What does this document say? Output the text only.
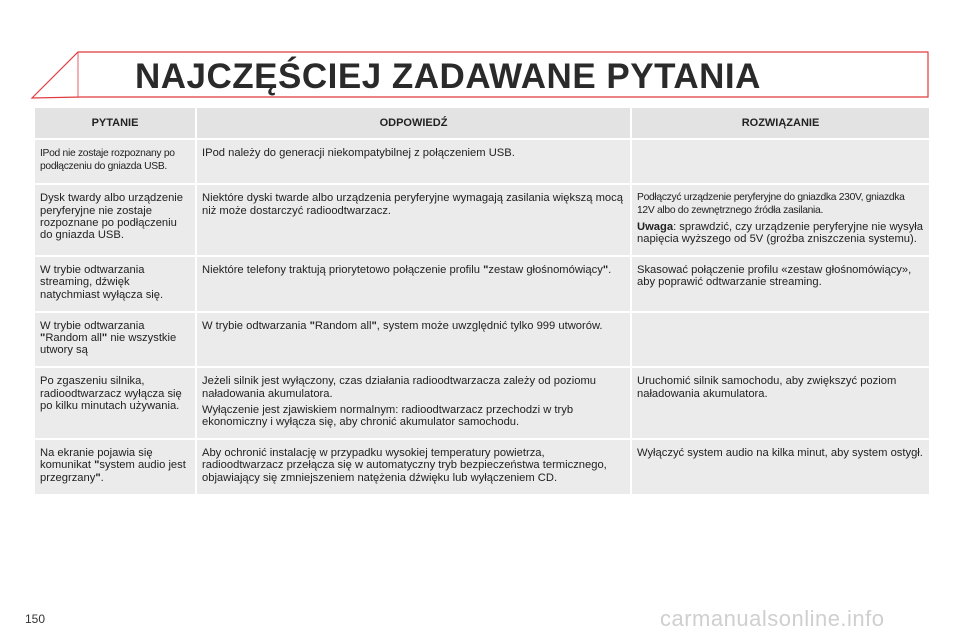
NAJCZĘŚCIEJ ZADAWANE PYTANIA
PYTANIE	ODPOWIEDŹ	ROZWIĄZANIE
IPod nie zostaje rozpoznany po podłączeniu do gniazda USB.	IPod należy do generacji niekompatybilnej z połączeniem USB.	
Dysk twardy albo urządzenie peryferyjne nie zostaje rozpoznane po podłączeniu do gniazda USB.	Niektóre dyski twarde albo urządzenia peryferyjne wymagają zasilania większą mocą niż może dostarczyć radioodtwarzacz.	Podłączyć urządzenie peryferyjne do gniazdka 230V, gniazdka 12V albo do zewnętrznego źródła zasilania.

Uwaga: sprawdzić, czy urządzenie peryferyjne nie wysyła napięcia wyższego od 5V (groźba zniszczenia systemu).

W trybie odtwarzania streaming, dźwięk natychmiast wyłącza się.	Niektóre telefony traktują priorytetowo połączenie profilu "zestaw głośnomówiący".	Skasować połączenie profilu «zestaw głośnomówiący», aby poprawić odtwarzanie streaming.
W trybie odtwarzania "Random all" nie wszystkie utwory są	W trybie odtwarzania "Random all", system może uwzględnić tylko 999 utworów.	
Po zgaszeniu silnika, radioodtwarzacz wyłącza się po kilku minutach używania.	Jeżeli silnik jest wyłączony, czas działania radioodtwarzacza zależy od poziomu naładowania akumulatora.

Wyłączenie jest zjawiskiem normalnym: radioodtwarzacz przechodzi w tryb ekonomiczny i wyłącza się, aby chronić akumulator samochodu.	Uruchomić silnik samochodu, aby zwiększyć poziom naładowania akumulatora.
Na ekranie pojawia się komunikat "system audio jest przegrzany".	Aby ochronić instalację w przypadku wysokiej temperatury powietrza, radioodtwarzacz przełącza się w automatyczny tryb bezpieczeństwa termicznego, objawiający się zmniejszeniem natężenia dźwięku lub wyłączeniem CD.	Wyłączyć system audio na kilka minut, aby system ostygł.
150	carmanualsonline.info
